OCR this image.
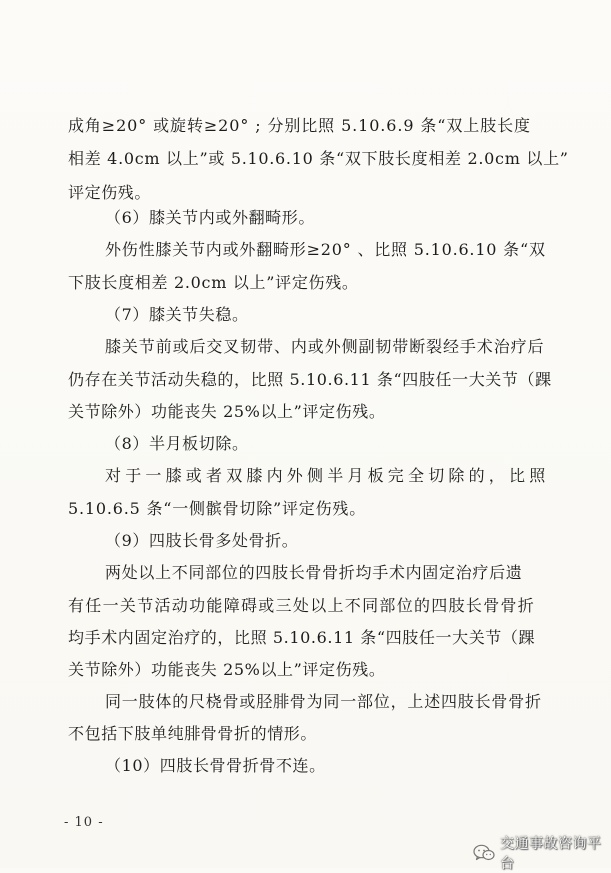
成角≥20° 或旋转≥20° ; 分别比照 5.10.6.9 条“双上肢长度
相差 4.0cm 以上”或 5.10.6.10 条“双下肢长度相差 2.0cm 以上”
评定伤残。
（6）膝关节内或外翻畸形。
外伤性膝关节内或外翻畸形≥20° 、比照 5.10.6.10 条“双
下肢长度相差 2.0cm 以上”评定伤残。
（7）膝关节失稳。
膝关节前或后交叉韧带、内或外侧副韧带断裂经手术治疗后
仍存在关节活动失稳的，比照 5.10.6.11 条“四肢任一大关节（踝
关节除外）功能丧失 25%以上”评定伤残。
（8）半月板切除。
对于一膝或者双膝内外侧半月板完全切除的，比照
5.10.6.5 条“一侧髌骨切除”评定伤残。
（9）四肢长骨多处骨折。
两处以上不同部位的四肢长骨骨折均手术内固定治疗后遗
有任一关节活动功能障碍或三处以上不同部位的四肢长骨骨折
均手术内固定治疗的，比照 5.10.6.11 条“四肢任一大关节（踝
关节除外）功能丧失 25%以上”评定伤残。
同一肢体的尺桡骨或胫腓骨为同一部位，上述四肢长骨骨折
不包括下肢单纯腓骨骨折的情形。
（10）四肢长骨骨折骨不连。
- 10 -
交通事故咨询平台
